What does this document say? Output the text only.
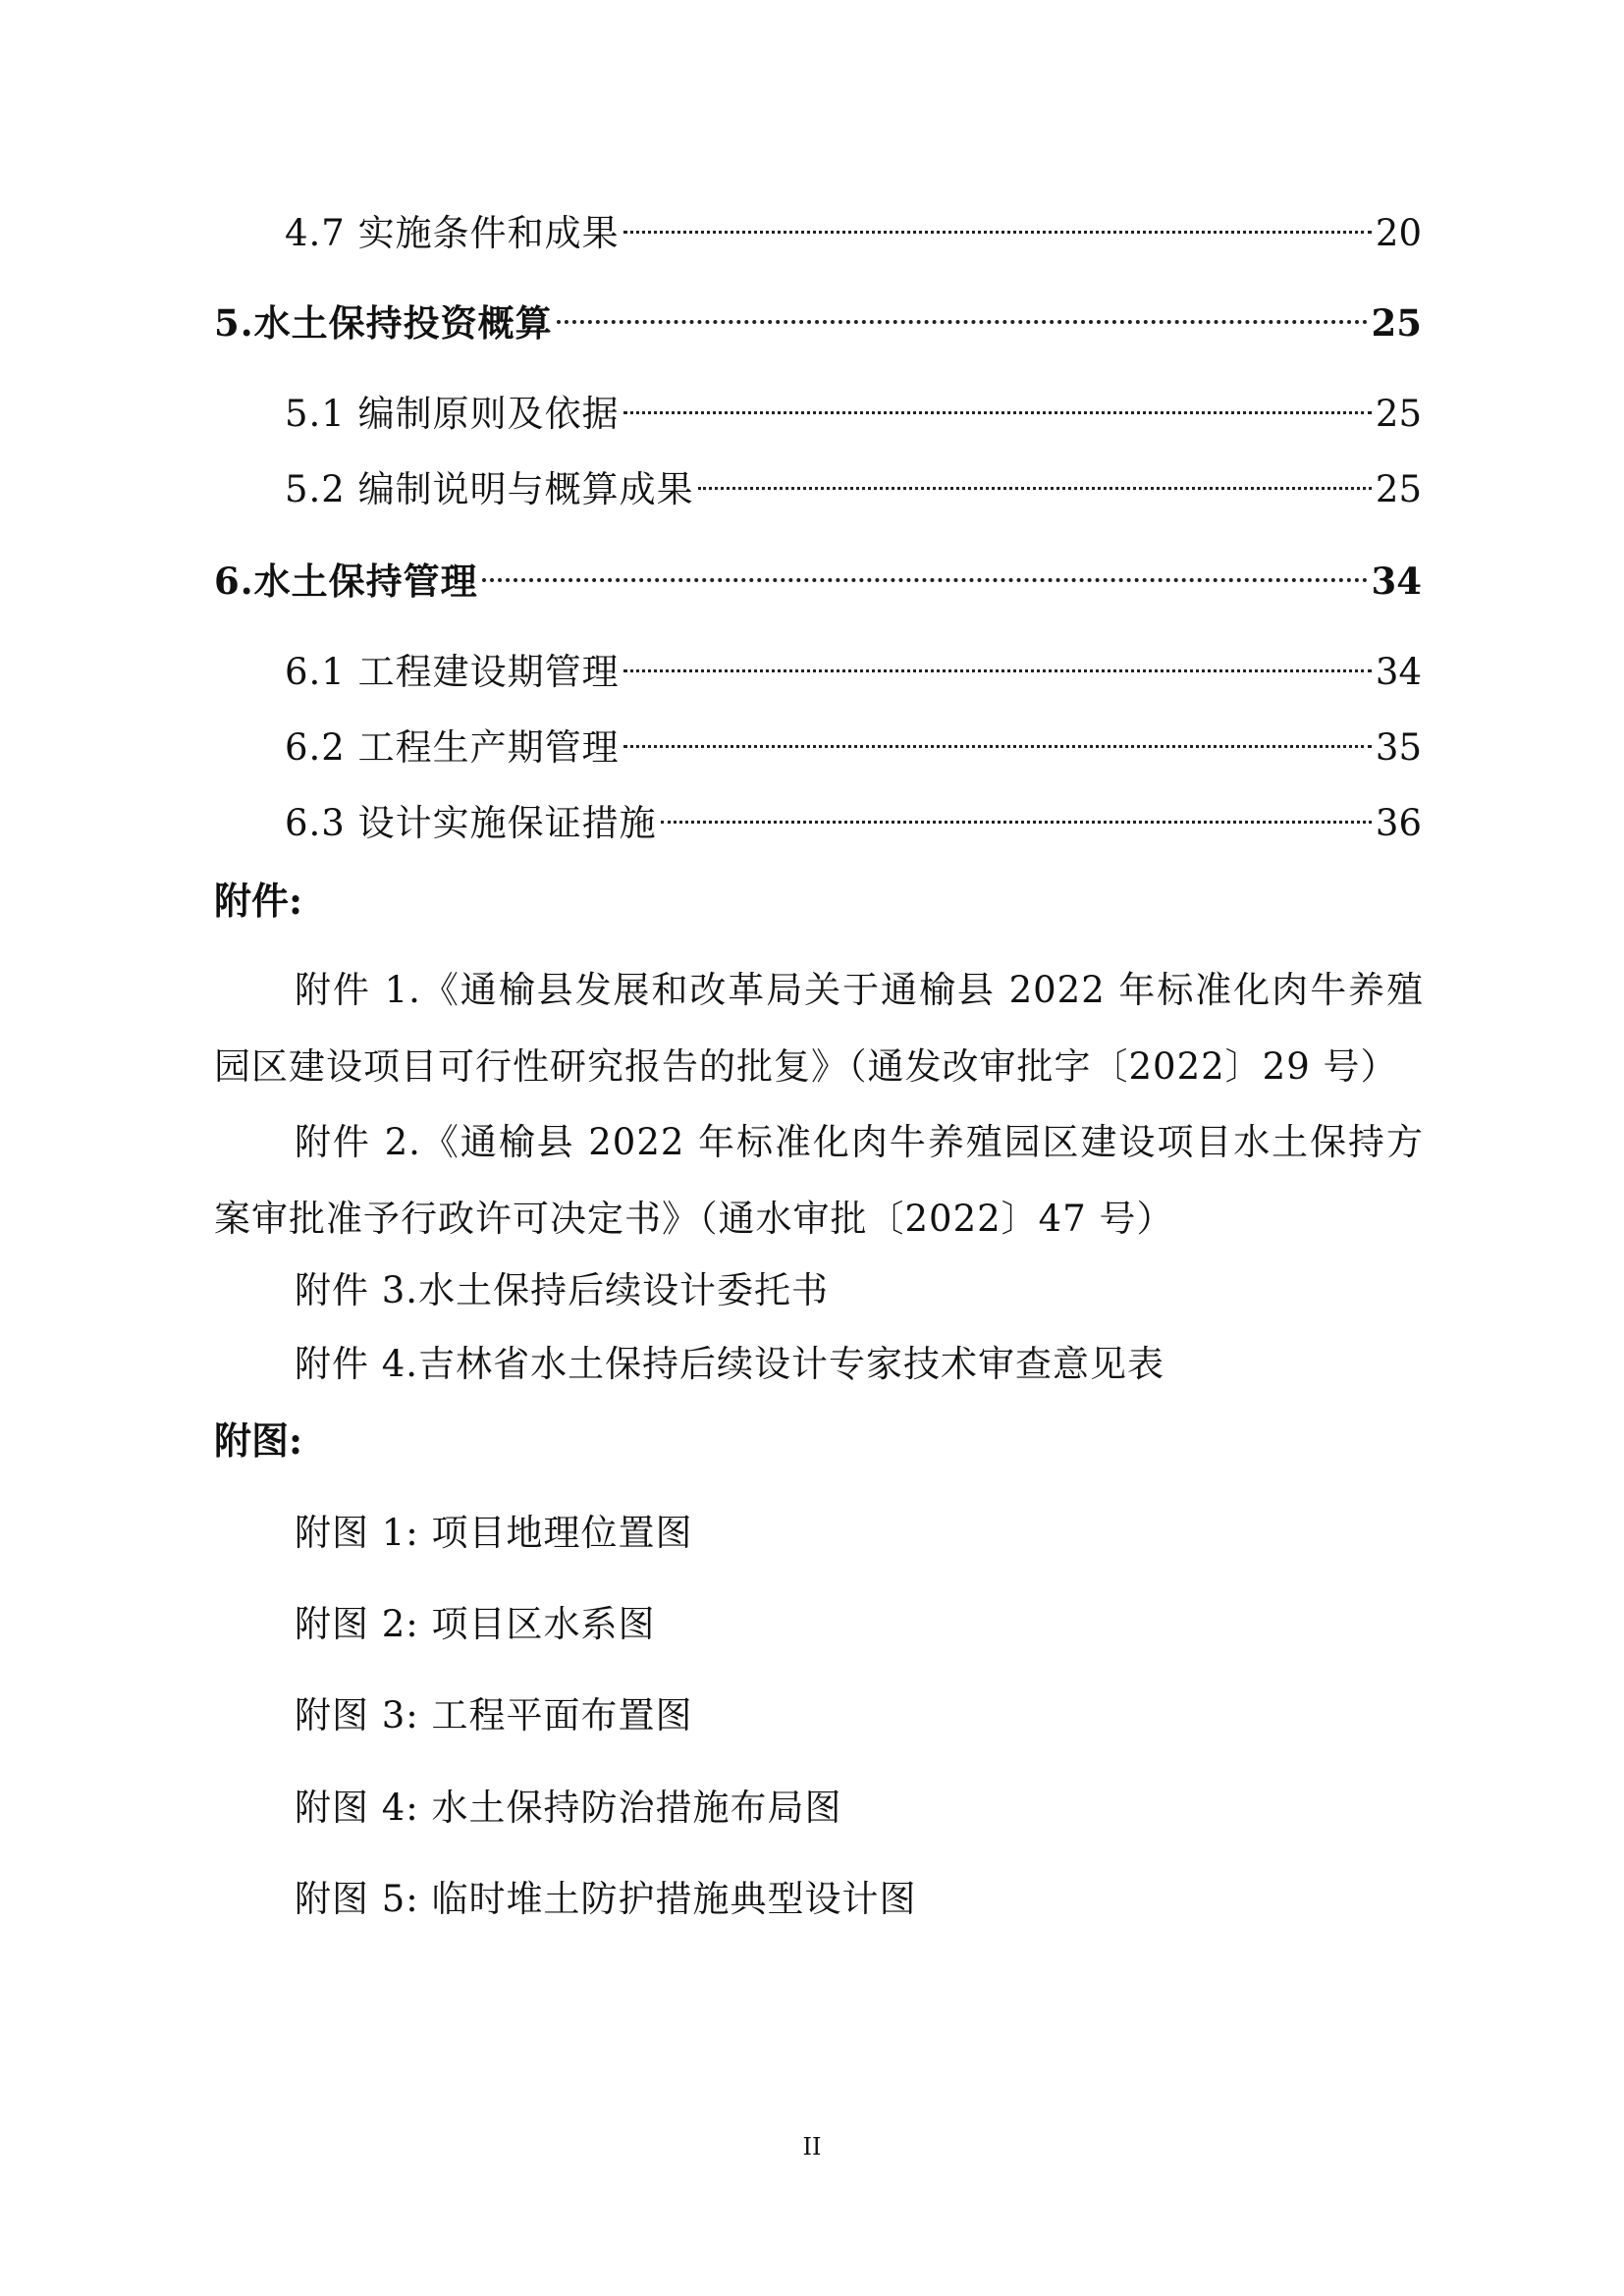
4.7 实施条件和成果	20
5.水土保持投资概算	25
5.1 编制原则及依据	25
5.2 编制说明与概算成果	25
6.水土保持管理	34
6.1 工程建设期管理	34
6.2 工程生产期管理	35
6.3 设计实施保证措施	36
附件:
附件 1.《通榆县发展和改革局关于通榆县 2022 年标准化肉牛养殖园区建设项目可行性研究报告的批复》（通发改审批字〔2022〕29 号）
附件 2.《通榆县 2022 年标准化肉牛养殖园区建设项目水土保持方案审批准予行政许可决定书》（通水审批〔2022〕47 号）
附件 3.水土保持后续设计委托书
附件 4.吉林省水土保持后续设计专家技术审查意见表
附图:
附图 1: 项目地理位置图
附图 2: 项目区水系图
附图 3: 工程平面布置图
附图 4: 水土保持防治措施布局图
附图 5: 临时堆土防护措施典型设计图
II
